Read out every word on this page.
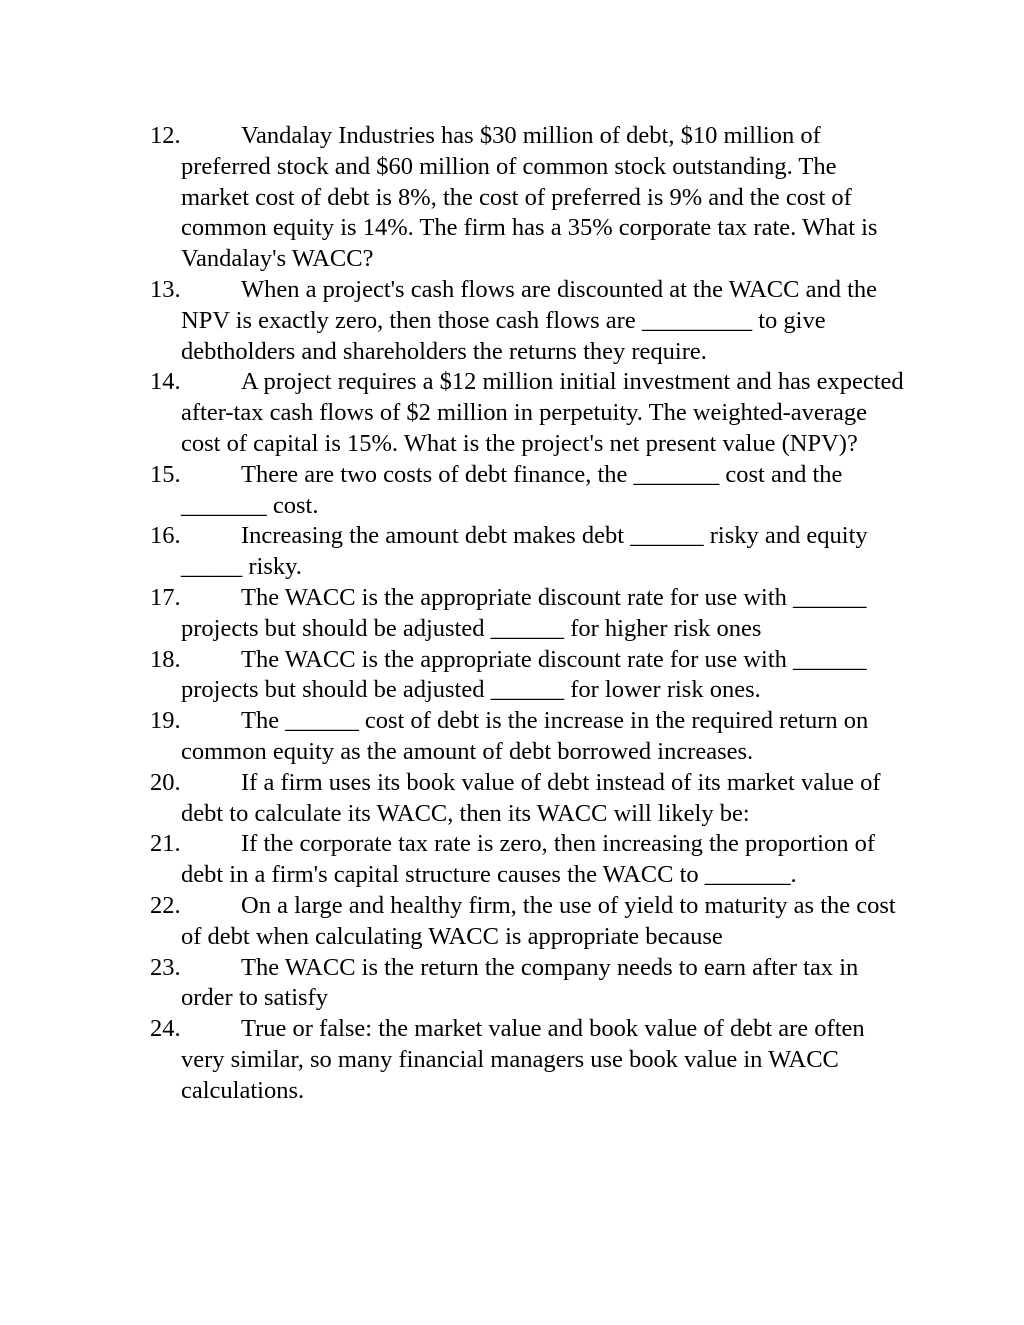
12.	Vandalay Industries has $30 million of debt, $10 million of preferred stock and $60 million of common stock outstanding. The market cost of debt is 8%, the cost of preferred is 9% and the cost of common equity is 14%. The firm has a 35% corporate tax rate. What is Vandalay's WACC?

13.	When a project's cash flows are discounted at the WACC and the NPV is exactly zero, then those cash flows are _________ to give debtholders and shareholders the returns they require.

14.	A project requires a $12 million initial investment and has expected after-tax cash flows of $2 million in perpetuity. The weighted-average cost of capital is 15%. What is the project's net present value (NPV)?

15.	There are two costs of debt finance, the _______ cost and the _______ cost.

16.	Increasing the amount debt makes debt ______ risky and equity _____ risky.

17.	The WACC is the appropriate discount rate for use with ______ projects but should be adjusted ______ for higher risk ones

18.	The WACC is the appropriate discount rate for use with ______ projects but should be adjusted ______ for lower risk ones.

19.	The ______ cost of debt is the increase in the required return on common equity as the amount of debt borrowed increases.

20.	If a firm uses its book value of debt instead of its market value of debt to calculate its WACC, then its WACC will likely be:

21.	If the corporate tax rate is zero, then increasing the proportion of debt in a firm's capital structure causes the WACC to _______.

22.	On a large and healthy firm, the use of yield to maturity as the cost of debt when calculating WACC is appropriate because

23.	The WACC is the return the company needs to earn after tax in order to satisfy

24.	True or false: the market value and book value of debt are often very similar, so many financial managers use book value in WACC calculations.
